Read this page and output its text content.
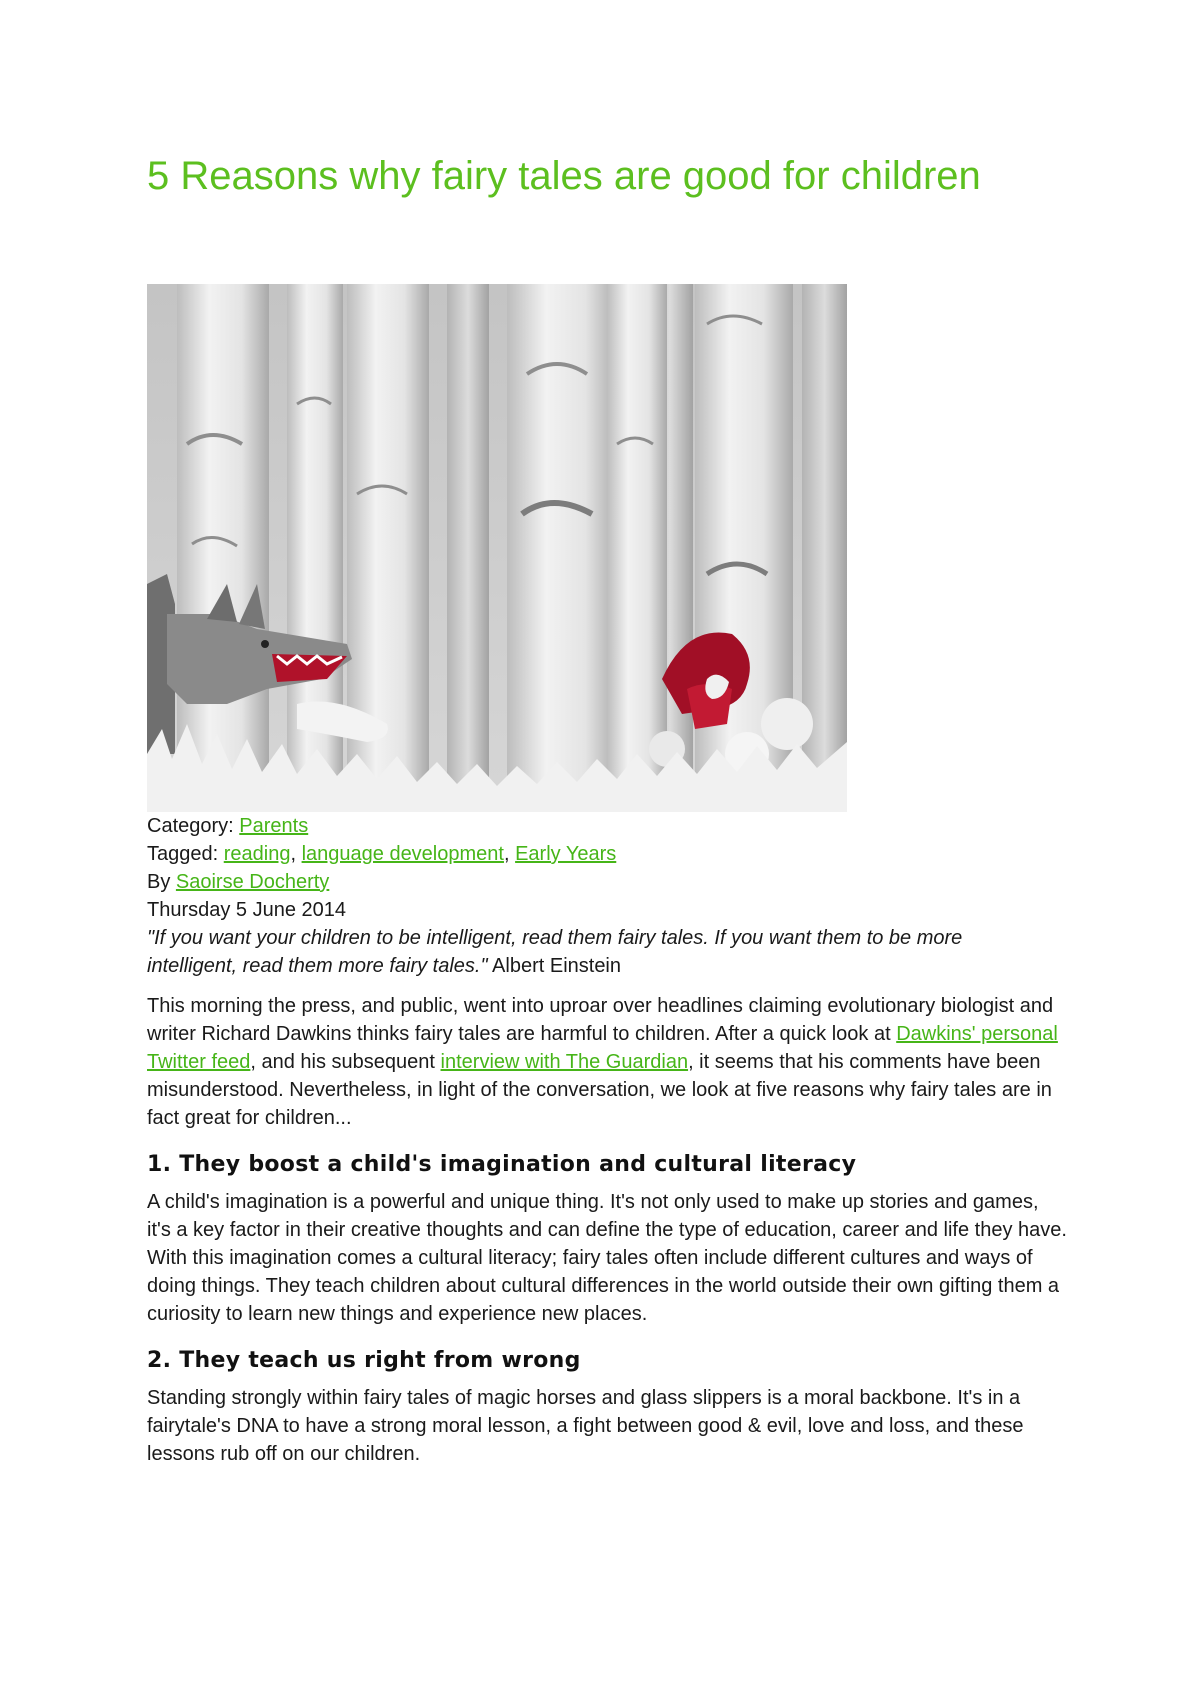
5 Reasons why fairy tales are good for children
Category: Parents
Tagged: reading, language development, Early Years
By Saoirse Docherty
Thursday 5 June 2014
"If you want your children to be intelligent, read them fairy tales. If you want them to be more intelligent, read them more fairy tales." Albert Einstein

This morning the press, and public, went into uproar over headlines claiming evolutionary biologist and writer Richard Dawkins thinks fairy tales are harmful to children. After a quick look at Dawkins' personal Twitter feed, and his subsequent interview with The Guardian, it seems that his comments have been misunderstood. Nevertheless, in light of the conversation, we look at five reasons why fairy tales are in fact great for children...

1. They boost a child's imagination and cultural literacy

A child's imagination is a powerful and unique thing. It's not only used to make up stories and games, it's a key factor in their creative thoughts and can define the type of education, career and life they have. With this imagination comes a cultural literacy; fairy tales often include different cultures and ways of doing things. They teach children about cultural differences in the world outside their own gifting them a curiosity to learn new things and experience new places.

2. They teach us right from wrong

Standing strongly within fairy tales of magic horses and glass slippers is a moral backbone. It's in a fairytale's DNA to have a strong moral lesson, a fight between good & evil, love and loss, and these lessons rub off on our children.
